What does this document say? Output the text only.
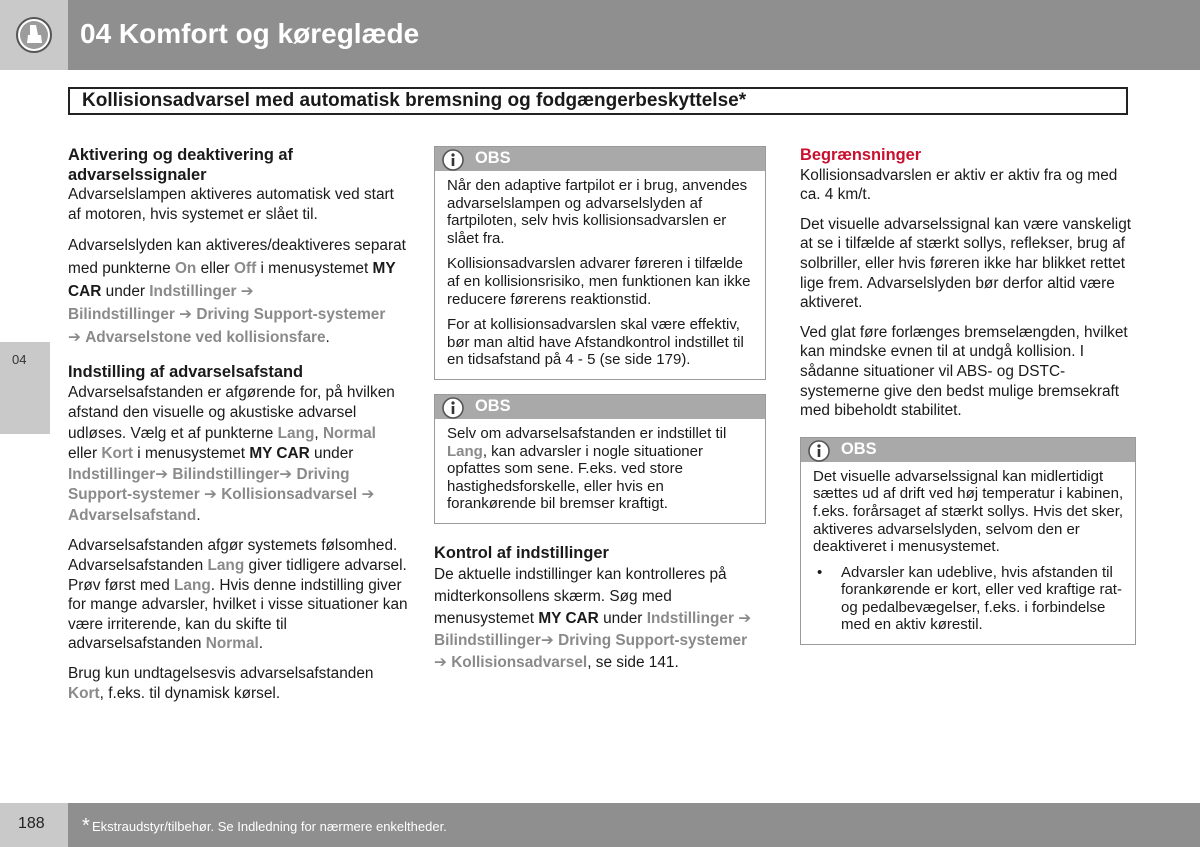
04 Komfort og køreglæde
04
Kollisionsadvarsel med automatisk bremsning og fodgængerbeskyttelse*
Aktivering og deaktivering af advarselssignaler

Advarselslampen aktiveres automatisk ved start af motoren, hvis systemet er slået til.

Advarselslyden kan aktiveres/deaktiveres separat med punkterne On eller Off i menusystemet MY CAR under Indstillinger ➔
Bilindstillinger ➔ Driving Support-systemer
➔ Advarselstone ved kollisionsfare.

Indstilling af advarselsafstand

Advarselsafstanden er afgørende for, på hvilken afstand den visuelle og akustiske advarsel udløses. Vælg et af punkterne Lang, Normal eller Kort i menusystemet MY CAR under
Indstillinger➔ Bilindstillinger➔ Driving Support-systemer ➔ Kollisionsadvarsel ➔
Advarselsafstand.

Advarselsafstanden afgør systemets følsomhed. Advarselsafstanden Lang giver tidligere advarsel. Prøv først med Lang. Hvis denne indstilling giver for mange advarsler, hvilket i visse situationer kan være irriterende, kan du skifte til advarselsafstanden Normal.

Brug kun undtagelsesvis advarselsafstanden Kort, f.eks. til dynamisk kørsel.

OBS

Når den adaptive fartpilot er i brug, anvendes advarselslampen og advarselslyden af fartpiloten, selv hvis kollisionsadvarslen er slået fra.

Kollisionsadvarslen advarer føreren i tilfælde af en kollisionsrisiko, men funktionen kan ikke reducere førerens reaktionstid.

For at kollisionsadvarslen skal være effektiv, bør man altid have Afstandkontrol indstillet til en tidsafstand på 4 - 5 (se side 179).

OBS

Selv om advarselsafstanden er indstillet til Lang, kan advarsler i nogle situationer opfattes som sene. F.eks. ved store hastighedsforskelle, eller hvis en forankørende bil bremser kraftigt.

Kontrol af indstillinger

De aktuelle indstillinger kan kontrolleres på midterkonsollens skærm. Søg med menusystemet MY CAR under Indstillinger ➔
Bilindstillinger➔ Driving Support-systemer
➔ Kollisionsadvarsel, se side 141.

Begrænsninger

Kollisionsadvarslen er aktiv er aktiv fra og med ca. 4 km/t.

Det visuelle advarselssignal kan være vanskeligt at se i tilfælde af stærkt sollys, reflekser, brug af solbriller, eller hvis føreren ikke har blikket rettet lige frem. Advarselslyden bør derfor altid være aktiveret.

Ved glat føre forlænges bremselængden, hvilket kan mindske evnen til at undgå kollision. I sådanne situationer vil ABS- og DSTC-systemerne give den bedst mulige bremsekraft med bibeholdt stabilitet.

OBS

Det visuelle advarselssignal kan midlertidigt sættes ud af drift ved høj temperatur i kabinen, f.eks. forårsaget af stærkt sollys. Hvis det sker, aktiveres advarselslyden, selvom den er deaktiveret i menusystemet.

• Advarsler kan udeblive, hvis afstanden til forankørende er kort, eller ved kraftige rat- og pedalbevægelser, f.eks. i forbindelse med en aktiv kørestil.

188 * Ekstraudstyr/tilbehør. Se Indledning for nærmere enkeltheder.
